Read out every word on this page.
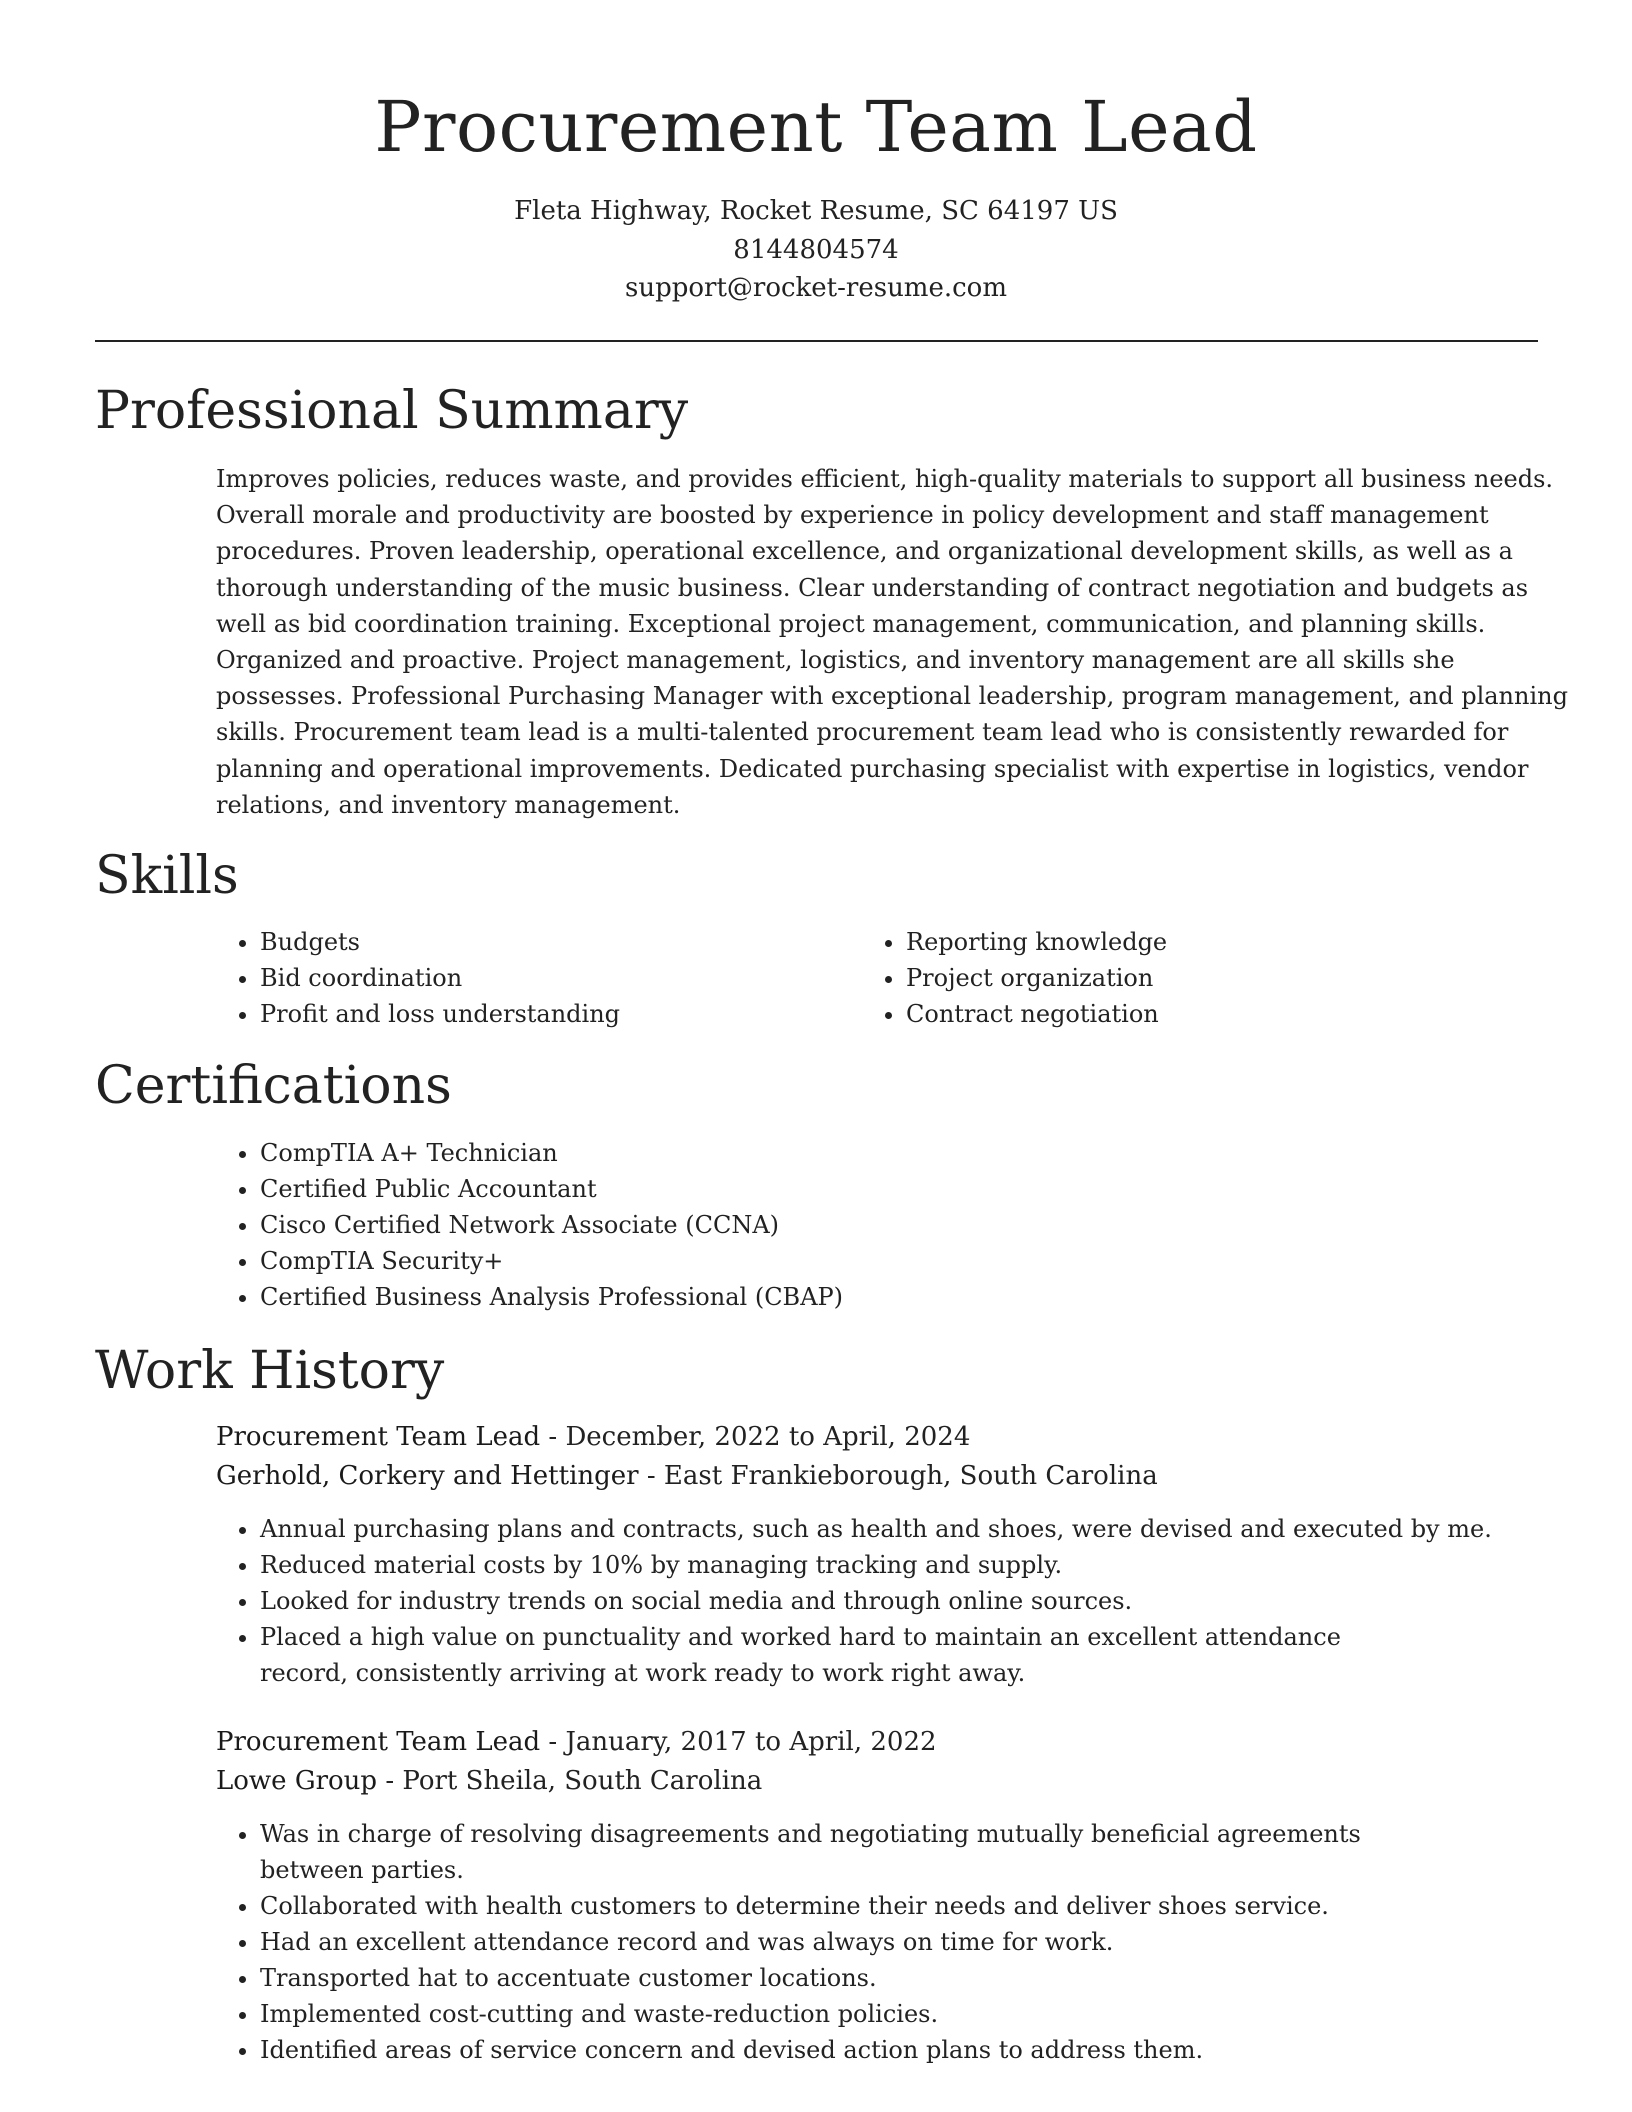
Procurement Team Lead
Fleta Highway, Rocket Resume, SC 64197 US
8144804574
support@rocket-resume.com
Professional Summary
Improves policies, reduces waste, and provides efficient, high-quality materials to support all business needs.
Overall morale and productivity are boosted by experience in policy development and staff management
procedures. Proven leadership, operational excellence, and organizational development skills, as well as a
thorough understanding of the music business. Clear understanding of contract negotiation and budgets as
well as bid coordination training. Exceptional project management, communication, and planning skills.
Organized and proactive. Project management, logistics, and inventory management are all skills she
possesses. Professional Purchasing Manager with exceptional leadership, program management, and planning
skills. Procurement team lead is a multi-talented procurement team lead who is consistently rewarded for
planning and operational improvements. Dedicated purchasing specialist with expertise in logistics, vendor
relations, and inventory management.
Skills
• Budgets
• Bid coordination
• Profit and loss understanding
• Reporting knowledge
• Project organization
• Contract negotiation
Certifications
• CompTIA A+ Technician
• Certified Public Accountant
• Cisco Certified Network Associate (CCNA)
• CompTIA Security+
• Certified Business Analysis Professional (CBAP)
Work History
Procurement Team Lead - December, 2022 to April, 2024
Gerhold, Corkery and Hettinger - East Frankieborough, South Carolina
• Annual purchasing plans and contracts, such as health and shoes, were devised and executed by me.
• Reduced material costs by 10% by managing tracking and supply.
• Looked for industry trends on social media and through online sources.
• Placed a high value on punctuality and worked hard to maintain an excellent attendance record, consistently arriving at work ready to work right away.
Procurement Team Lead - January, 2017 to April, 2022
Lowe Group - Port Sheila, South Carolina
• Was in charge of resolving disagreements and negotiating mutually beneficial agreements between parties.
• Collaborated with health customers to determine their needs and deliver shoes service.
• Had an excellent attendance record and was always on time for work.
• Transported hat to accentuate customer locations.
• Implemented cost-cutting and waste-reduction policies.
• Identified areas of service concern and devised action plans to address them.
